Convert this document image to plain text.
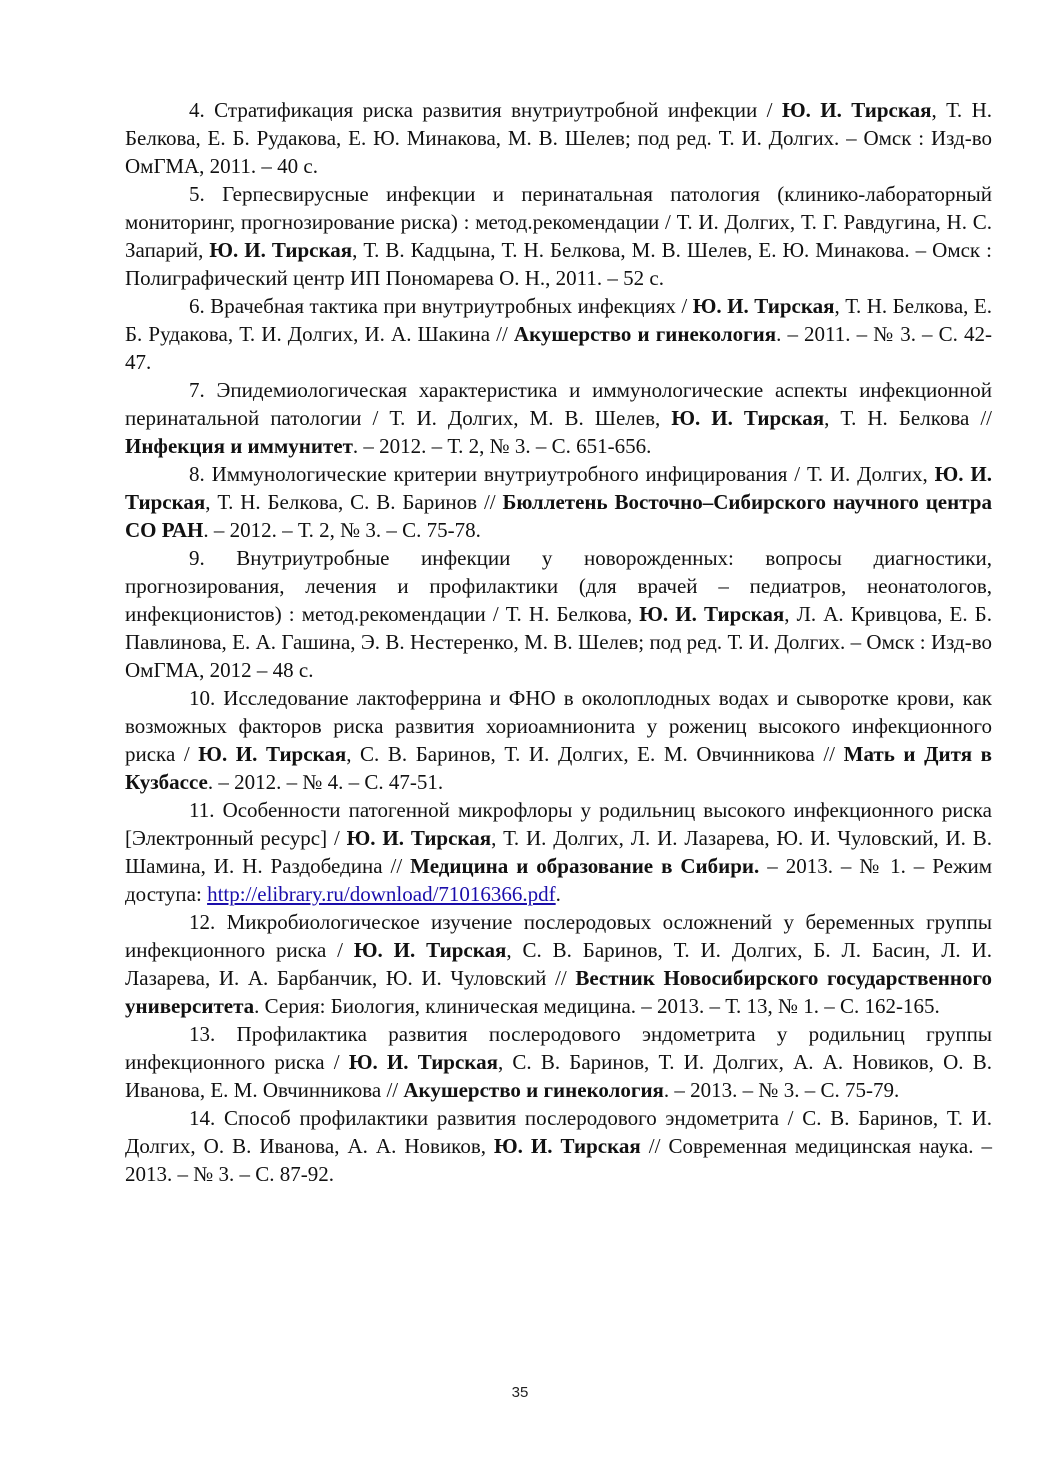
4. Стратификация риска развития внутриутробной инфекции / Ю. И. Тирская, Т. Н. Белкова, Е. Б. Рудакова, Е. Ю. Минакова, М. В. Шелев; под ред. Т. И. Долгих. – Омск : Изд-во ОмГМА, 2011. – 40 с.

5. Герпесвирусные инфекции и перинатальная патология (клинико-лабораторный мониторинг, прогнозирование риска) : метод.рекомендации / Т. И. Долгих, Т. Г. Равдугина, Н. С. Запарий, Ю. И. Тирская, Т. В. Кадцына, Т. Н. Белкова, М. В. Шелев, Е. Ю. Минакова. – Омск : Полиграфический центр ИП Пономарева О. Н., 2011. – 52 с.

6. Врачебная тактика при внутриутробных инфекциях / Ю. И. Тирская, Т. Н. Белкова, Е. Б. Рудакова, Т. И. Долгих, И. А. Шакина // Акушерство и гинекология. – 2011. – № 3. – С. 42-47.

7. Эпидемиологическая характеристика и иммунологические аспекты инфекционной перинатальной патологии / Т. И. Долгих, М. В. Шелев, Ю. И. Тирская, Т. Н. Белкова // Инфекция и иммунитет. – 2012. – Т. 2, № 3. – С. 651-656.

8. Иммунологические критерии внутриутробного инфицирования / Т. И. Долгих, Ю. И. Тирская, Т. Н. Белкова, С. В. Баринов // Бюллетень Восточно–Сибирского научного центра СО РАН. – 2012. – Т. 2, № 3. – С. 75-78.

9. Внутриутробные инфекции у новорожденных: вопросы диагностики, прогнозирования, лечения и профилактики (для врачей – педиатров, неонатологов, инфекционистов) : метод.рекомендации / Т. Н. Белкова, Ю. И. Тирская, Л. А. Кривцова, Е. Б. Павлинова, Е. А. Гашина, Э. В. Нестеренко, М. В. Шелев; под ред. Т. И. Долгих. – Омск : Изд-во ОмГМА, 2012 – 48 с.

10. Исследование лактоферрина и ФНО в околоплодных водах и сыворотке крови, как возможных факторов риска развития хориоамнионита у рожениц высокого инфекционного риска / Ю. И. Тирская, С. В. Баринов, Т. И. Долгих, Е. М. Овчинникова // Мать и Дитя в Кузбассе. – 2012. – № 4. – С. 47-51.

11. Особенности патогенной микрофлоры у родильниц высокого инфекционного риска [Электронный ресурс] / Ю. И. Тирская, Т. И. Долгих, Л. И. Лазарева, Ю. И. Чуловский, И. В. Шамина, И. Н. Раздобедина // Медицина и образование в Сибири. – 2013. – № 1. – Режим доступа: http://elibrary.ru/download/71016366.pdf.

12. Микробиологическое изучение послеродовых осложнений у беременных группы инфекционного риска / Ю. И. Тирская, С. В. Баринов, Т. И. Долгих, Б. Л. Басин, Л. И. Лазарева, И. А. Барбанчик, Ю. И. Чуловский // Вестник Новосибирского государственного университета. Серия: Биология, клиническая медицина. – 2013. – Т. 13, № 1. – С. 162-165.

13. Профилактика развития послеродового эндометрита у родильниц группы инфекционного риска / Ю. И. Тирская, С. В. Баринов, Т. И. Долгих, А. А. Новиков, О. В. Иванова, Е. М. Овчинникова // Акушерство и гинекология. – 2013. – № 3. – С. 75-79.

14. Способ профилактики развития послеродового эндометрита / С. В. Баринов, Т. И. Долгих, О. В. Иванова, А. А. Новиков, Ю. И. Тирская // Современная медицинская наука. – 2013. – № 3. – С. 87-92.

35
